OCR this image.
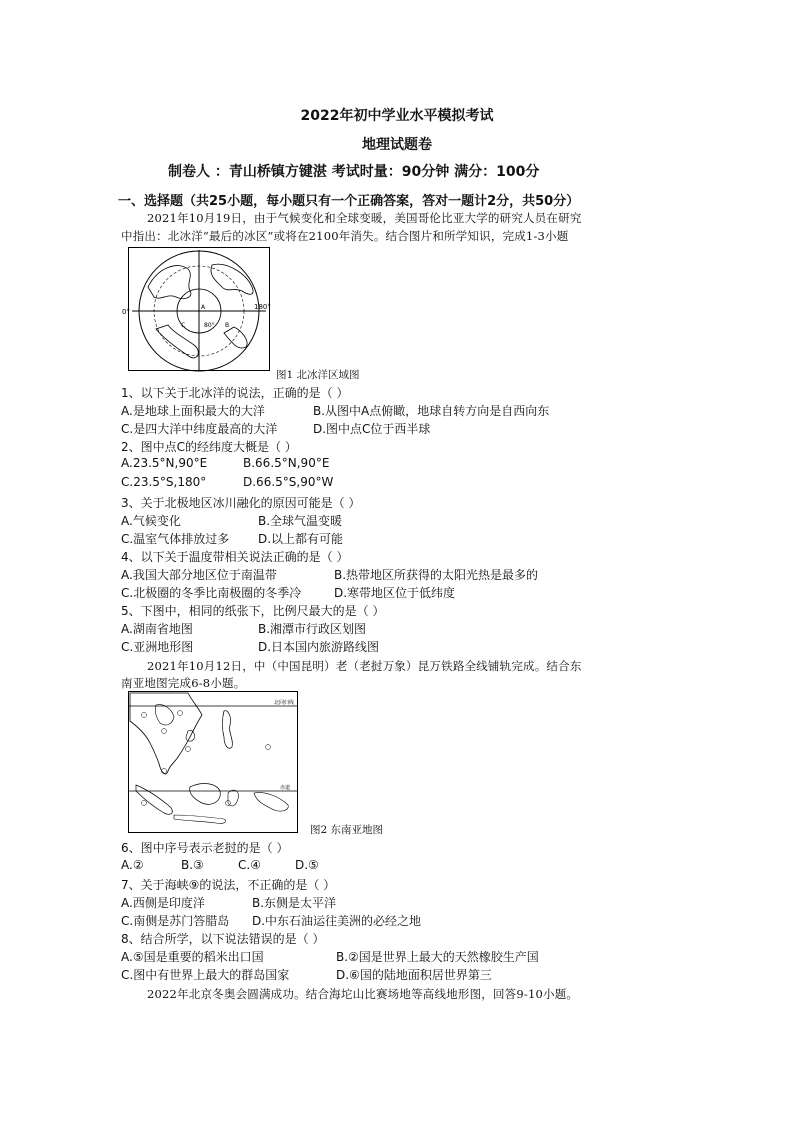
2022年初中学业水平模拟考试
地理试题卷
制卷人 ：青山桥镇方键湛 考试时量：90分钟 满分：100分
一、选择题（共25小题，每小题只有一个正确答案，答对一题计2分，共50分）
2021年10月19日，由于气候变化和全球变暖，美国哥伦比亚大学的研究人员在研究
中指出：北冰洋“最后的冰区”或将在2100年消失。结合图片和所学知识，完成1-3小题
0°
180°
A
B
C	80°
图1 北冰洋区域图
1、以下关于北冰洋的说法，正确的是（ ）
A.是地球上面积最大的大洋	B.从图中A点俯瞰，地球自转方向是自西向东
C.是四大洋中纬度最高的大洋	D.图中点C位于西半球
2、图中点C的经纬度大概是（ ）
A.23.5°N,90°E	B.66.5°N,90°E
C.23.5°S,180°	D.66.5°S,90°W
3、关于北极地区冰川融化的原因可能是（ ）
A.气候变化	B.全球气温变暖
C.温室气体排放过多 D.以上都有可能
4、以下关于温度带相关说法正确的是（ ）
A.我国大部分地区位于南温带	B.热带地区所获得的太阳光热是最多的
C.北极圈的冬季比南极圈的冬季冷	D.寒带地区位于低纬度
5、下图中，相同的纸张下，比例尺最大的是（ ）
A.湖南省地图	B.湘潭市行政区划图
C.亚洲地形图	D.日本国内旅游路线图
2021年10月12日，中（中国昆明）老（老挝万象）昆万铁路全线铺轨完成。结合东
南亚地图完成6-8小题。
北回归线
赤道
图2 东南亚地图
6、图中序号表示老挝的是（ ）
A.②	B.③	C.④	D.⑤
7、关于海峡⑨的说法，不正确的是（ ）
A.西侧是印度洋	B.东侧是太平洋
C.南侧是苏门答腊岛 D.中东石油运往美洲的必经之地
8、结合所学，以下说法错误的是（ ）
A.⑤国是重要的稻米出口国	B.②国是世界上最大的天然橡胶生产国
C.图中有世界上最大的群岛国家	D.⑥国的陆地面积居世界第三
2022年北京冬奥会圆满成功。结合海坨山比赛场地等高线地形图，回答9-10小题。
